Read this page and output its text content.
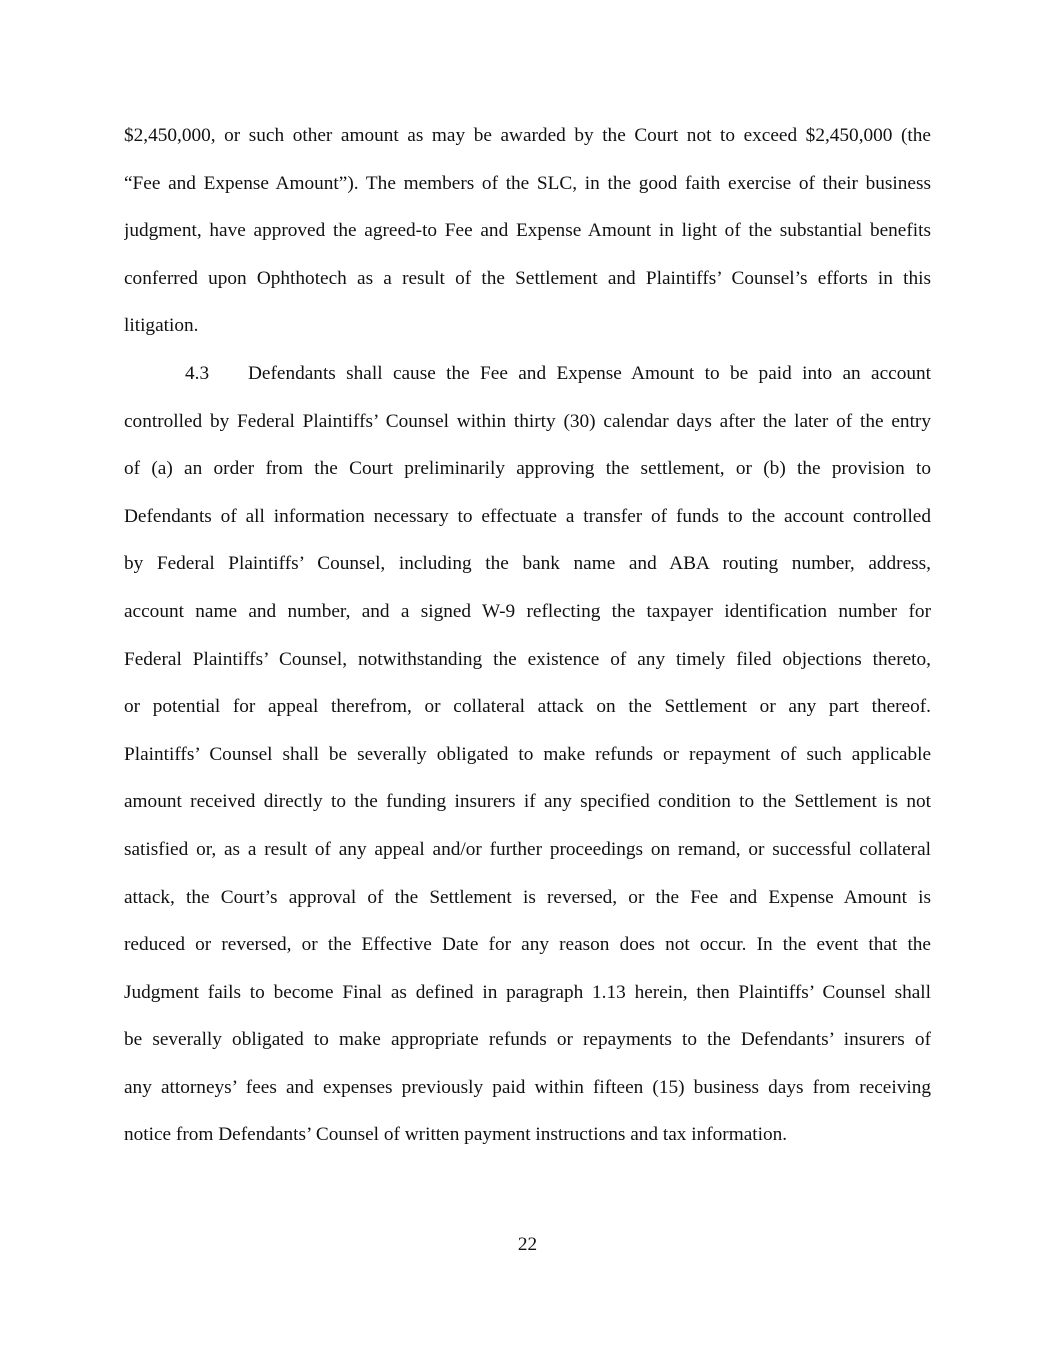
$2,450,000, or such other amount as may be awarded by the Court not to exceed $2,450,000 (the
“Fee and Expense Amount”). The members of the SLC, in the good faith exercise of their business
judgment, have approved the agreed-to Fee and Expense Amount in light of the substantial benefits
conferred upon Ophthotech as a result of the Settlement and Plaintiffs’ Counsel’s efforts in this
litigation.
4.3	Defendants shall cause the Fee and Expense Amount to be paid into an account
controlled by Federal Plaintiffs’ Counsel within thirty (30) calendar days after the later of the entry
of (a) an order from the Court preliminarily approving the settlement, or (b) the provision to
Defendants of all information necessary to effectuate a transfer of funds to the account controlled
by Federal Plaintiffs’ Counsel, including the bank name and ABA routing number, address,
account name and number, and a signed W-9 reflecting the taxpayer identification number for
Federal Plaintiffs’ Counsel, notwithstanding the existence of any timely filed objections thereto,
or potential for appeal therefrom, or collateral attack on the Settlement or any part thereof.
Plaintiffs’ Counsel shall be severally obligated to make refunds or repayment of such applicable
amount received directly to the funding insurers if any specified condition to the Settlement is not
satisfied or, as a result of any appeal and/or further proceedings on remand, or successful collateral
attack, the Court’s approval of the Settlement is reversed, or the Fee and Expense Amount is
reduced or reversed, or the Effective Date for any reason does not occur. In the event that the
Judgment fails to become Final as defined in paragraph 1.13 herein, then Plaintiffs’ Counsel shall
be severally obligated to make appropriate refunds or repayments to the Defendants’ insurers of
any attorneys’ fees and expenses previously paid within fifteen (15) business days from receiving
notice from Defendants’ Counsel of written payment instructions and tax information.
22
